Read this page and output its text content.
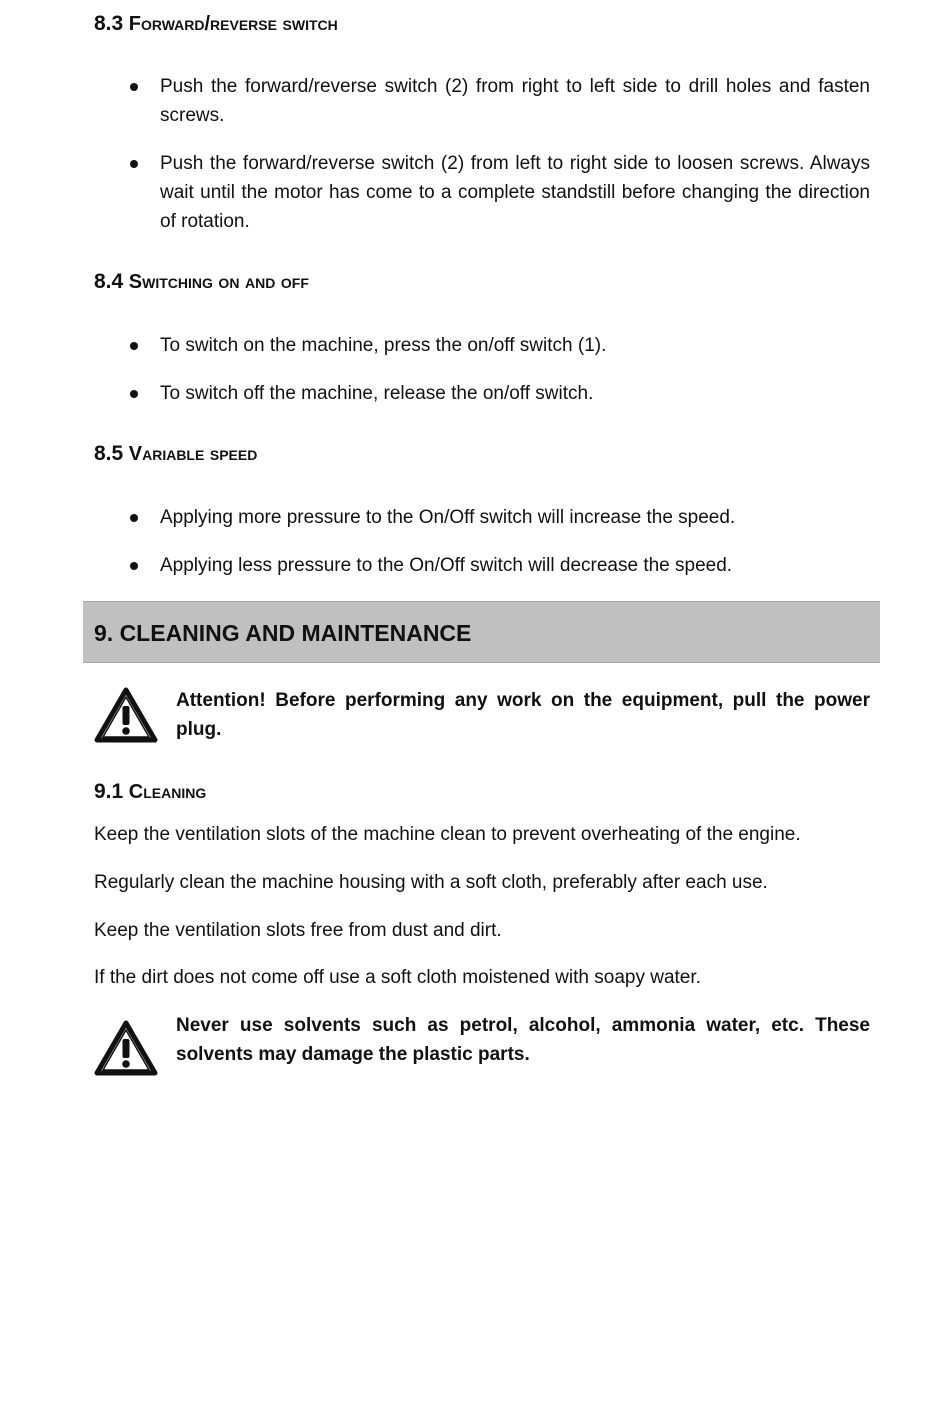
8.3 Forward/reverse switch
Push the forward/reverse switch (2) from right to left side to drill holes and fasten screws.
Push the forward/reverse switch (2) from left to right side to loosen screws. Always wait until the motor has come to a complete standstill before changing the direction of rotation.
8.4 Switching on and off
To switch on the machine, press the on/off switch (1).
To switch off the machine, release the on/off switch.
8.5 Variable speed
Applying more pressure to the On/Off switch will increase the speed.
Applying less pressure to the On/Off switch will decrease the speed.
9. CLEANING AND MAINTENANCE

Attention! Before performing any work on the equipment, pull the power plug.

9.1 Cleaning

Keep the ventilation slots of the machine clean to prevent overheating of the engine.

Regularly clean the machine housing with a soft cloth, preferably after each use.

Keep the ventilation slots free from dust and dirt.

If the dirt does not come off use a soft cloth moistened with soapy water.

Never use solvents such as petrol, alcohol, ammonia water, etc. These solvents may damage the plastic parts.
